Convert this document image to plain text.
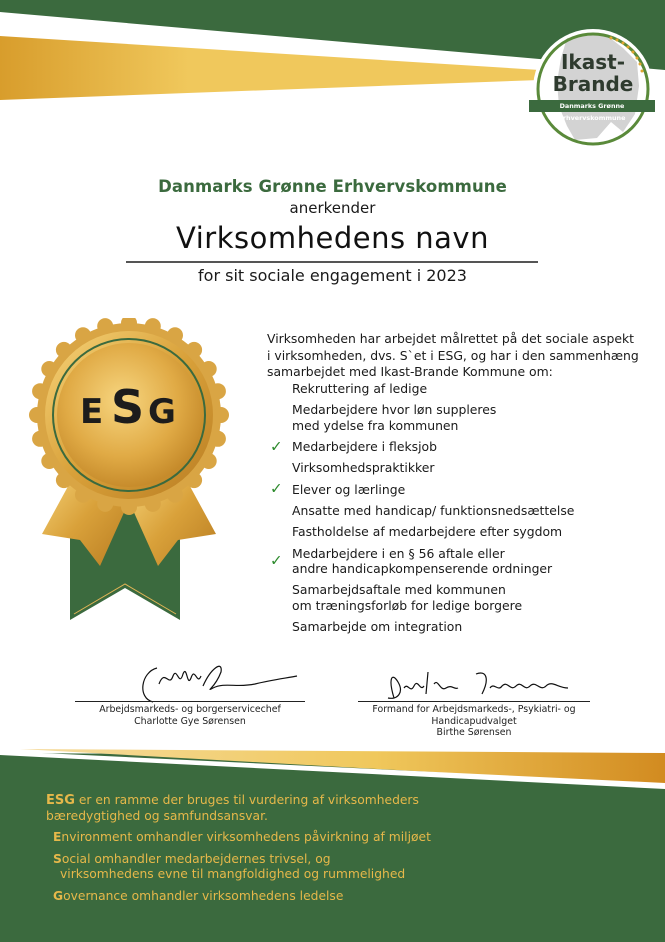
Ikast-
Brande
Danmarks Grønne Erhvervskommune
Danmarks Grønne Erhvervskommune
anerkender
Virksomhedens navn
for sit sociale engagement i 2023
E S G
Virksomheden har arbejdet målrettet på det sociale aspekt
i virksomheden, dvs. S`et i ESG, og har i den sammenhæng
samarbejdet med Ikast-Brande Kommune om:
Rekruttering af ledige
Medarbejdere hvor løn suppleres
med ydelse fra kommunen
✓ Medarbejdere i fleksjob
Virksomhedspraktikker
✓ Elever og lærlinge
Ansatte med handicap/ funktionsnedsættelse
Fastholdelse af medarbejdere efter sygdom
✓ Medarbejdere i en § 56 aftale eller
andre handicapkompenserende ordninger
Samarbejdsaftale med kommunen
om træningsforløb for ledige borgere
Samarbejde om integration
Arbejdsmarkeds- og borgerservicechef
Charlotte Gye Sørensen
Formand for Arbejdsmarkeds-, Psykiatri- og Handicapudvalget
Birthe Sørensen
ESG er en ramme der bruges til vurdering af virksomheders
bæredygtighed og samfundsansvar.
Environment omhandler virksomhedens påvirkning af miljøet
Social omhandler medarbejdernes trivsel, og
virksomhedens evne til mangfoldighed og rummelighed
Governance omhandler virksomhedens ledelse
